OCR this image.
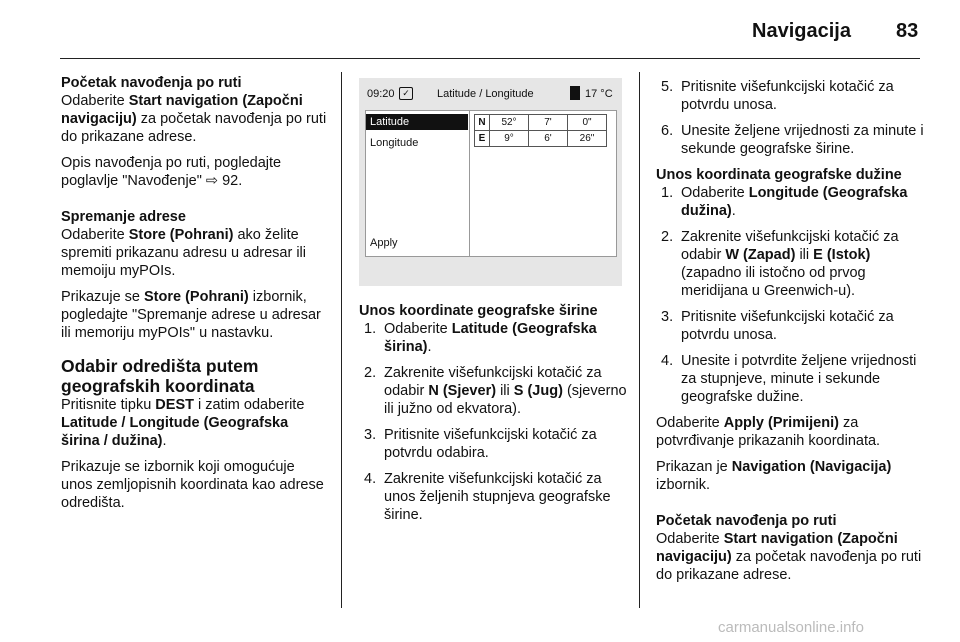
Navigacija 83

Početak navođenja po ruti

Odaberite Start navigation (Započni navigaciju) za početak navođenja po ruti do prikazane adrese.

Opis navođenja po ruti, pogledajte poglavlje "Navođenje" ⇨ 92.

Spremanje adrese

Odaberite Store (Pohrani) ako želite spremiti prikazanu adresu u adresar ili memoiju myPOIs.

Prikazuje se Store (Pohrani) izbornik, pogledajte "Spremanje adrese u adresar ili memoriju myPOIs" u nastavku.

Odabir odredišta putem geografskih koordinata

Pritisnite tipku DEST i zatim odaberite Latitude / Longitude (Geografska širina / dužina).

Prikazuje se izbornik koji omogućuje unos zemljopisnih koordinata kao adrese odredišta.

09:20 ✓ Latitude / Longitude	17 °C
Latitude
Longitude
Apply
N	52°	7'	0"
E	9°	6'	26"

Unos koordinate geografske širine

1. Odaberite Latitude (Geografska širina).
2. Zakrenite višefunkcijski kotačić za odabir N (Sjever) ili S (Jug) (sjeverno ili južno od ekvatora).
3. Pritisnite višefunkcijski kotačić za potvrdu odabira.
4. Zakrenite višefunkcijski kotačić za unos željenih stupnjeva geografske širine.
5. Pritisnite višefunkcijski kotačić za potvrdu unosa.
6. Unesite željene vrijednosti za minute i sekunde geografske širine.

Unos koordinata geografske dužine

1. Odaberite Longitude (Geografska dužina).
2. Zakrenite višefunkcijski kotačić za odabir W (Zapad) ili E (Istok) (zapadno ili istočno od prvog meridijana u Greenwich-u).
3. Pritisnite višefunkcijski kotačić za potvrdu unosa.
4. Unesite i potvrdite željene vrijednosti za stupnjeve, minute i sekunde geografske dužine.

Odaberite Apply (Primijeni) za potvrđivanje prikazanih koordinata.

Prikazan je Navigation (Navigacija) izbornik.

Početak navođenja po ruti

Odaberite Start navigation (Započni navigaciju) za početak navođenja po ruti do prikazane adrese.

carmanualsonline.info
